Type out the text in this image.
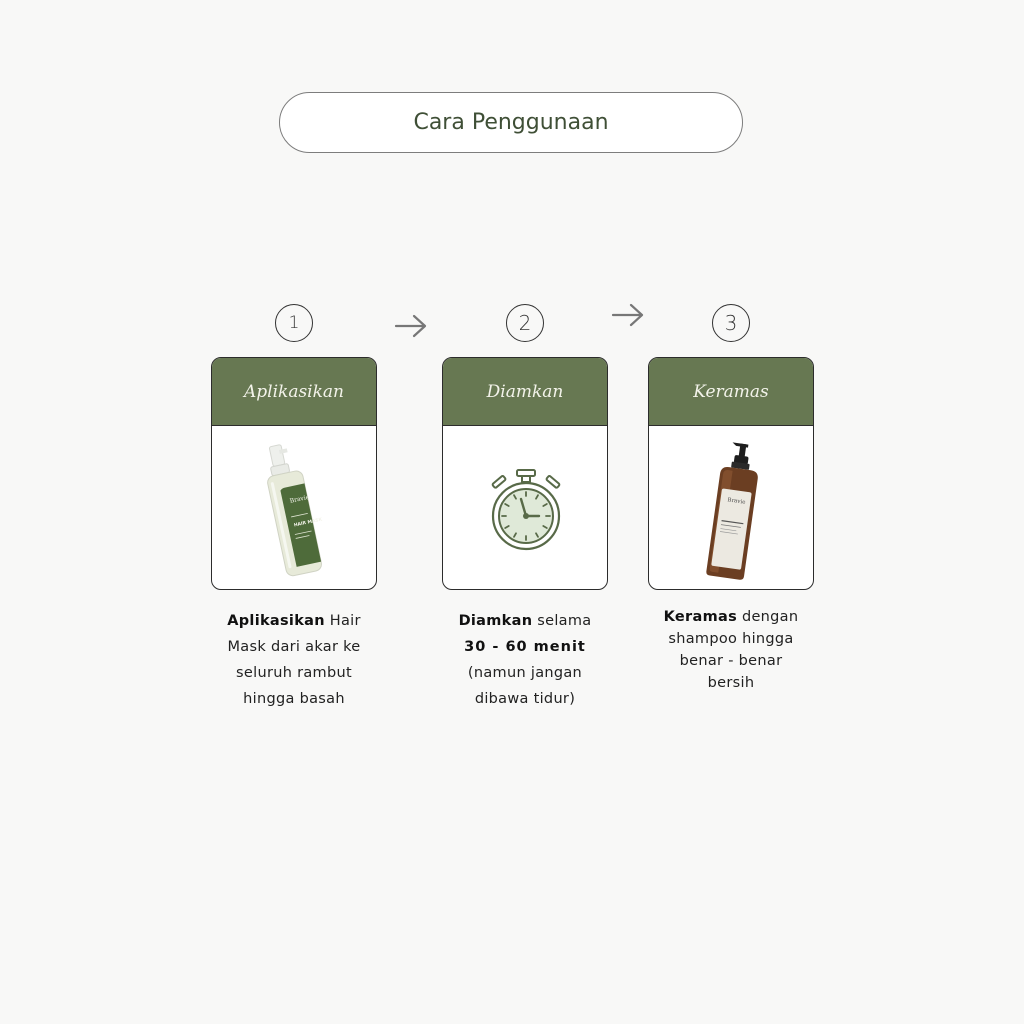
Cara Penggunaan
1	2	3
Aplikasikan
Bravie
HAIR MASK
Diamkan	Keramas
Bravie
Aplikasikan Hair
Mask dari akar ke
seluruh rambut
hingga basah
Diamkan selama
30 - 60 menit
(namun jangan
dibawa tidur)
Keramas dengan
shampoo hingga
benar - benar
bersih
